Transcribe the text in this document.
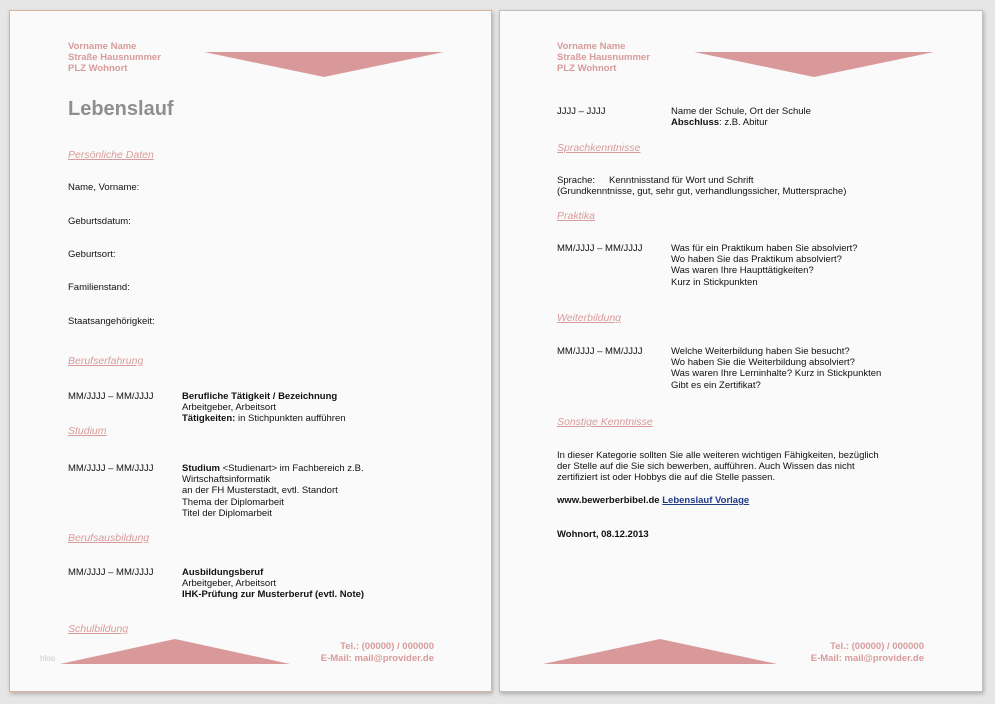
Vorname Name
Straße Hausnummer
PLZ Wohnort
Lebenslauf
Persönliche Daten
Name, Vorname:
Geburtsdatum:
Geburtsort:
Familienstand:
Staatsangehörigkeit:
Berufserfahrung
MM/JJJJ – MM/JJJJ	Berufliche Tätigkeit / Bezeichnung
Arbeitgeber, Arbeitsort
Tätigkeiten: in Stichpunkten aufführen
Studium
MM/JJJJ – MM/JJJJ	Studium <Studienart> im Fachbereich z.B.
Wirtschaftsinformatik
an der FH Musterstadt, evtl. Standort
Thema der Diplomarbeit
Titel der Diplomarbeit
Berufsausbildung
MM/JJJJ – MM/JJJJ	Ausbildungsberuf
Arbeitgeber, Arbeitsort
IHK-Prüfung zur Musterberuf (evtl. Note)
Schulbildung
hloo
Tel.: (00000) / 000000
E-Mail: mail@provider.de
Vorname Name
Straße Hausnummer
PLZ Wohnort
JJJJ – JJJJ	Name der Schule, Ort der Schule
Abschluss: z.B. Abitur
Sprachkenntnisse
Sprache: Kenntnisstand für Wort und Schrift
(Grundkenntnisse, gut, sehr gut, verhandlungssicher, Muttersprache)
Praktika
MM/JJJJ – MM/JJJJ	Was für ein Praktikum haben Sie absolviert?
Wo haben Sie das Praktikum absolviert?
Was waren Ihre Haupttätigkeiten?
Kurz in Stickpunkten
Weiterbildung
MM/JJJJ – MM/JJJJ	Welche Weiterbildung haben Sie besucht?
Wo haben Sie die Weiterbildung absolviert?
Was waren Ihre Lerninhalte? Kurz in Stickpunkten
Gibt es ein Zertifikat?
Sonstige Kenntnisse
In dieser Kategorie sollten Sie alle weiteren wichtigen Fähigkeiten, bezüglich der Stelle auf die Sie sich bewerben, aufführen. Auch Wissen das nicht zertifiziert ist oder Hobbys die auf die Stelle passen.
www.bewerberbibel.de Lebenslauf Vorlage
Wohnort, 08.12.2013
Tel.: (00000) / 000000
E-Mail: mail@provider.de
